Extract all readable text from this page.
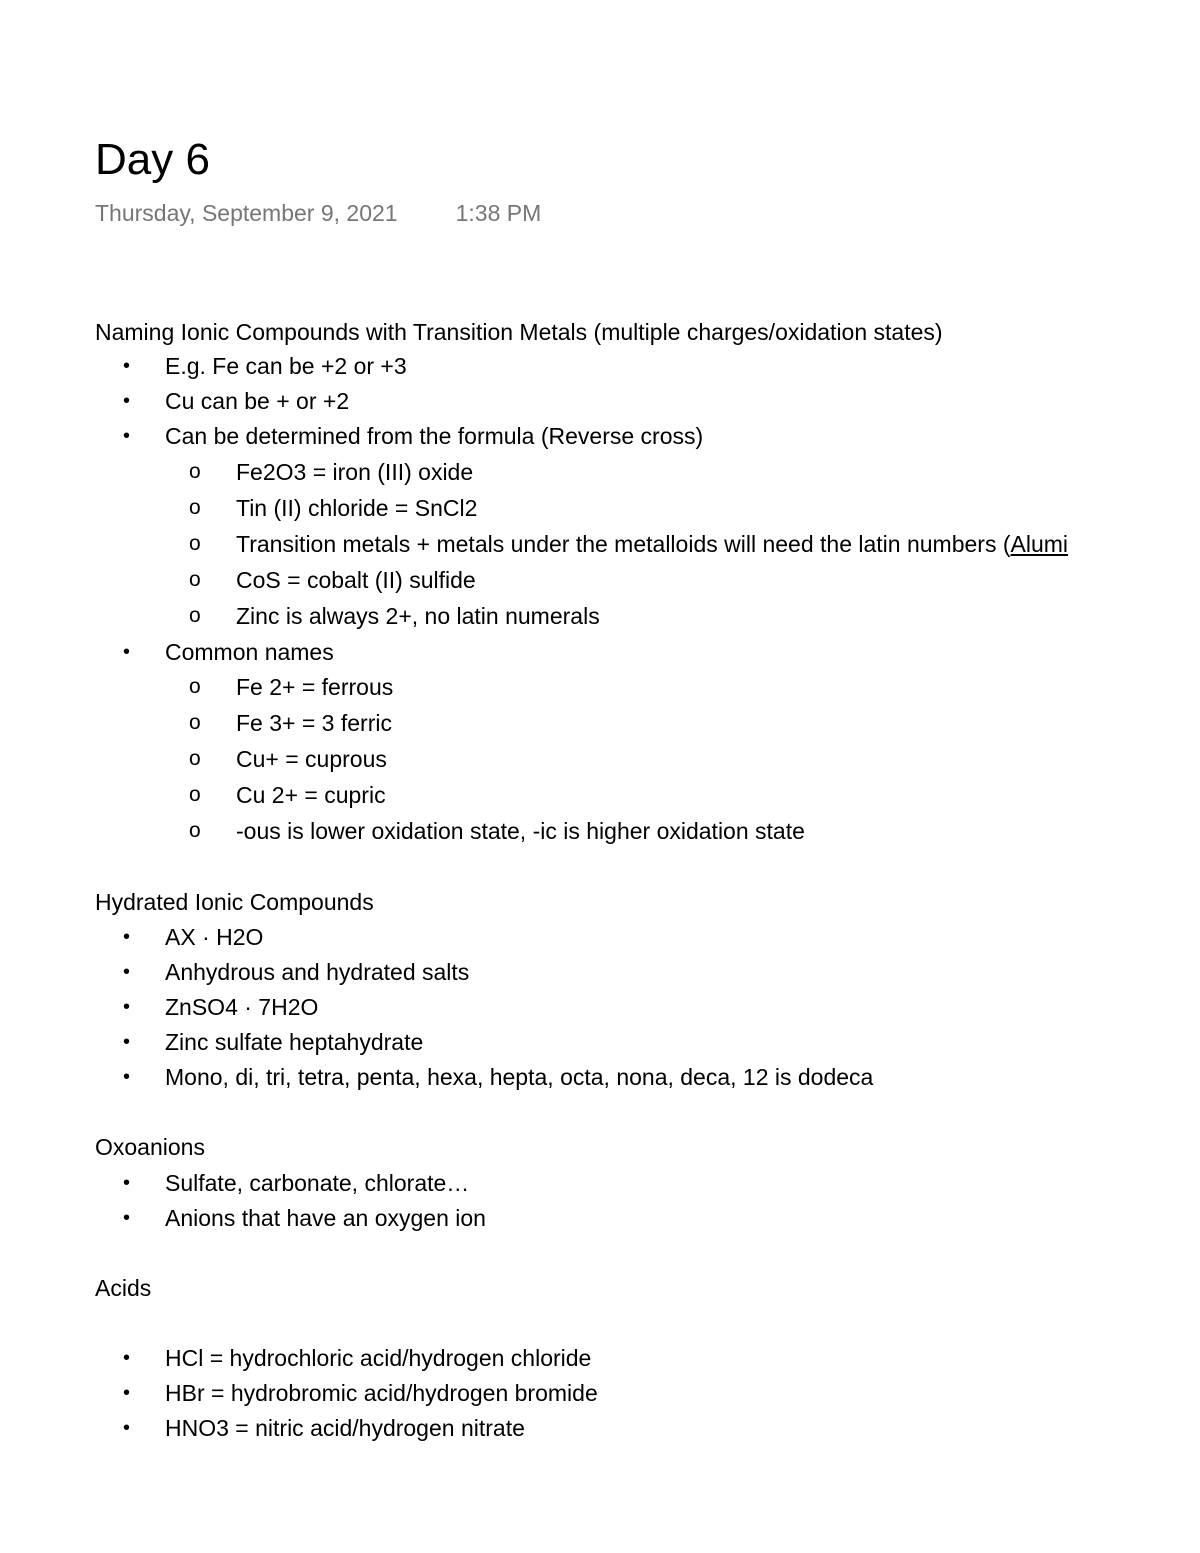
Day 6
Thursday, September 9, 2021	1:38 PM
Naming Ionic Compounds with Transition Metals (multiple charges/oxidation states)
• E.g. Fe can be +2 or +3
• Cu can be + or +2
• Can be determined from the formula (Reverse cross)
o Fe2O3 = iron (III) oxide
o Tin (II) chloride = SnCl2
o Transition metals + metals under the metalloids will need the latin numbers (Alumi
o CoS = cobalt (II) sulfide
o Zinc is always 2+, no latin numerals
• Common names
o Fe 2+ = ferrous
o Fe 3+ = 3 ferric
o Cu+ = cuprous
o Cu 2+ = cupric
o -ous is lower oxidation state, -ic is higher oxidation state
Hydrated Ionic Compounds
• AX · H2O
• Anhydrous and hydrated salts
• ZnSO4 · 7H2O
• Zinc sulfate heptahydrate
• Mono, di, tri, tetra, penta, hexa, hepta, octa, nona, deca, 12 is dodeca
Oxoanions
• Sulfate, carbonate, chlorate…
• Anions that have an oxygen ion
Acids
• HCl = hydrochloric acid/hydrogen chloride
• HBr = hydrobromic acid/hydrogen bromide
• HNO3 = nitric acid/hydrogen nitrate
